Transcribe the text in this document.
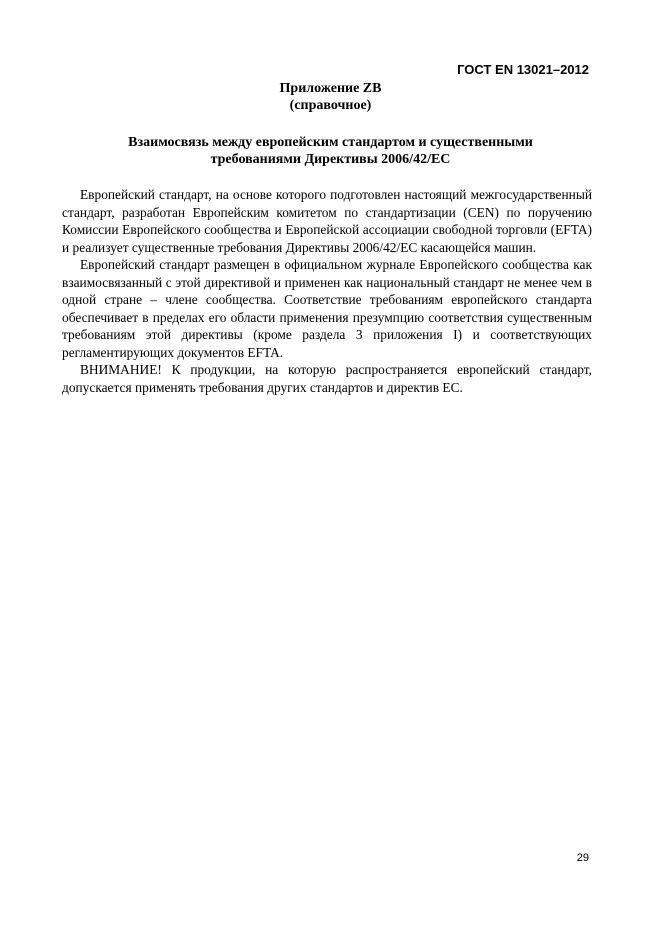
ГОСТ EN 13021–2012
Приложение ZB
(справочное)
Взаимосвязь между европейским стандартом и существенными
требованиями Директивы 2006/42/ЕС

Европейский стандарт, на основе которого подготовлен настоящий межгосударственный стандарт, разработан Европейским комитетом по стандартизации (CEN) по поручению Комиссии Европейского сообщества и Европейской ассоциации свободной торговли (EFTA) и реализует существенные требования Директивы 2006/42/ЕС касающейся машин.

Европейский стандарт размещен в официальном журнале Европейского сообщества как взаимосвязанный с этой директивой и применен как национальный стандарт не менее чем в одной стране – члене сообщества. Соответствие требованиям европейского стандарта обеспечивает в пределах его области применения презумпцию соответствия существенным требованиям этой директивы (кроме раздела 3 приложения I) и соответствующих регламентирующих документов EFTA.

ВНИМАНИЕ! К продукции, на которую распространяется европейский стандарт, допускается применять требования других стандартов и директив ЕС.

29
